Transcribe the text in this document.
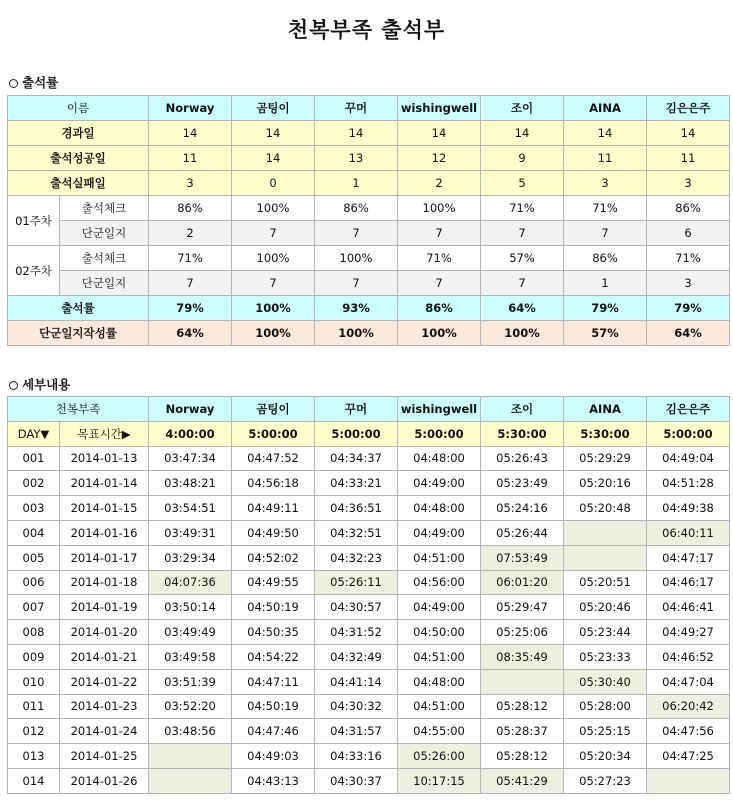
천복부족 출석부
출석률
이름		Norway	곰팅이	꾸머	wishingwell	조이	AINA	김은은주
경과일		14	14	14	14	14	14	14
출석성공일		11	14	13	12	9	11	11
출석실패일		3	0	1	2	5	3	3
01주차	출석체크	86%	100%	86%	100%	71%	71%	86%
	단군일지	2	7	7	7	7	7	6
02주차	출석체크	71%	100%	100%	71%	57%	86%	71%
	단군일지	7	7	7	7	7	1	3
출석률		79%	100%	93%	86%	64%	79%	79%
단군일지작성률		64%	100%	100%	100%	100%	57%	64%
세부내용
천복부족		Norway	곰팅이	꾸머	wishingwell	조이	AINA	김은은주
DAY▼	목표시간▶	4:00:00	5:00:00	5:00:00	5:00:00	5:30:00	5:30:00	5:00:00
001	2014-01-13	03:47:34	04:47:52	04:34:37	04:48:00	05:26:43	05:29:29	04:49:04
002	2014-01-14	03:48:21	04:56:18	04:33:21	04:49:00	05:23:49	05:20:16	04:51:28
003	2014-01-15	03:54:51	04:49:11	04:36:51	04:48:00	05:24:16	05:20:48	04:49:38
004	2014-01-16	03:49:31	04:49:50	04:32:51	04:49:00	05:26:44		06:40:11
005	2014-01-17	03:29:34	04:52:02	04:32:23	04:51:00	07:53:49		04:47:17
006	2014-01-18	04:07:36	04:49:55	05:26:11	04:56:00	06:01:20	05:20:51	04:46:17
007	2014-01-19	03:50:14	04:50:19	04:30:57	04:49:00	05:29:47	05:20:46	04:46:41
008	2014-01-20	03:49:49	04:50:35	04:31:52	04:50:00	05:25:06	05:23:44	04:49:27
009	2014-01-21	03:49:58	04:54:22	04:32:49	04:51:00	08:35:49	05:23:33	04:46:52
010	2014-01-22	03:51:39	04:47:11	04:41:14	04:48:00		05:30:40	04:47:04
011	2014-01-23	03:52:20	04:50:19	04:30:32	04:51:00	05:28:12	05:28:00	06:20:42
012	2014-01-24	03:48:56	04:47:46	04:31:57	04:55:00	05:28:37	05:25:15	04:47:56
013	2014-01-25		04:49:03	04:33:16	05:26:00	05:28:12	05:20:34	04:47:25
014	2014-01-26		04:43:13	04:30:37	10:17:15	05:41:29	05:27:23	
